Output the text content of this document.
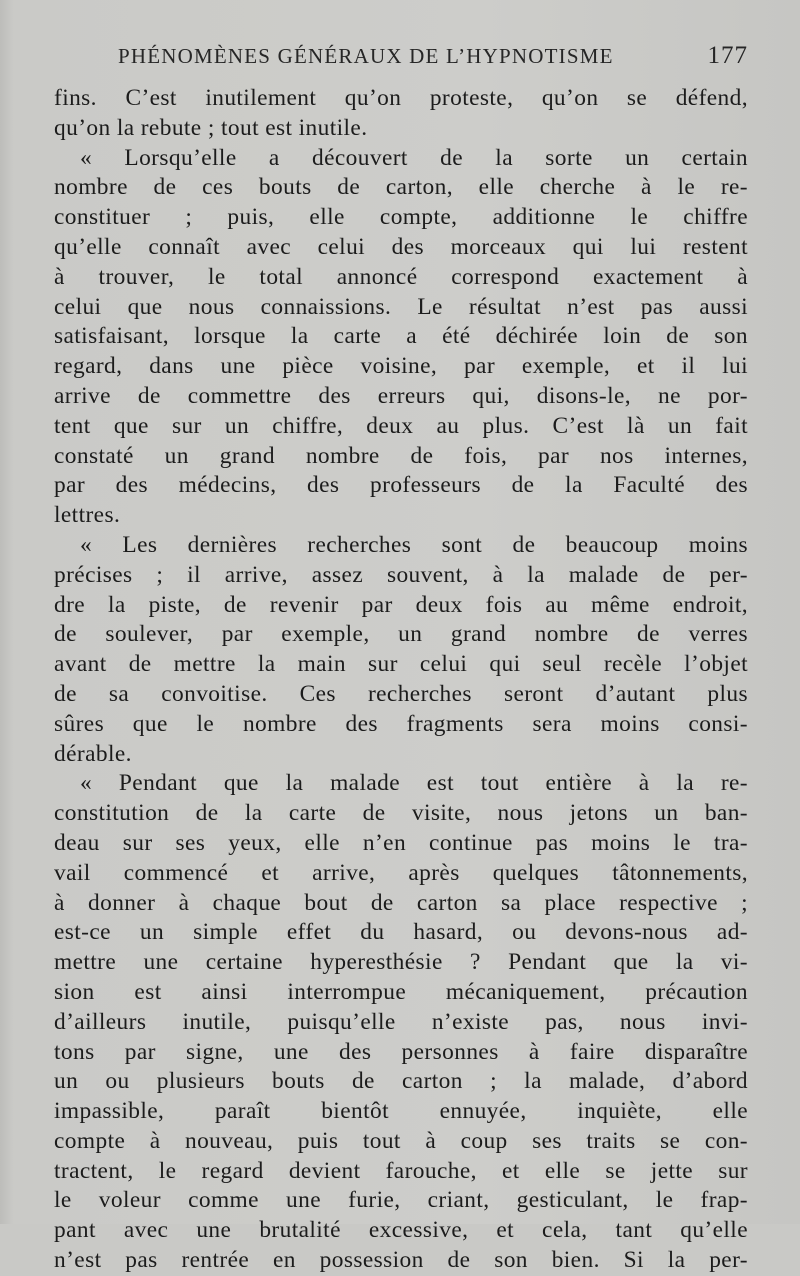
PHÉNOMÈNES GÉNÉRAUX DE L’HYPNOTISME	177
fins. C’est inutilement qu’on proteste, qu’on se défend,
qu’on la rebute ; tout est inutile.
« Lorsqu’elle a découvert de la sorte un certain
nombre de ces bouts de carton, elle cherche à le re-
constituer ; puis, elle compte, additionne le chiffre
qu’elle connaît avec celui des morceaux qui lui restent
à trouver, le total annoncé correspond exactement à
celui que nous connaissions. Le résultat n’est pas aussi
satisfaisant, lorsque la carte a été déchirée loin de son
regard, dans une pièce voisine, par exemple, et il lui
arrive de commettre des erreurs qui, disons-le, ne por-
tent que sur un chiffre, deux au plus. C’est là un fait
constaté un grand nombre de fois, par nos internes,
par des médecins, des professeurs de la Faculté des
lettres.
« Les dernières recherches sont de beaucoup moins
précises ; il arrive, assez souvent, à la malade de per-
dre la piste, de revenir par deux fois au même endroit,
de soulever, par exemple, un grand nombre de verres
avant de mettre la main sur celui qui seul recèle l’objet
de sa convoitise. Ces recherches seront d’autant plus
sûres que le nombre des fragments sera moins consi-
dérable.
« Pendant que la malade est tout entière à la re-
constitution de la carte de visite, nous jetons un ban-
deau sur ses yeux, elle n’en continue pas moins le tra-
vail commencé et arrive, après quelques tâtonnements,
à donner à chaque bout de carton sa place respective ;
est-ce un simple effet du hasard, ou devons-nous ad-
mettre une certaine hyperesthésie ? Pendant que la vi-
sion est ainsi interrompue mécaniquement, précaution
d’ailleurs inutile, puisqu’elle n’existe pas, nous invi-
tons par signe, une des personnes à faire disparaître
un ou plusieurs bouts de carton ; la malade, d’abord
impassible, paraît bientôt ennuyée, inquiète, elle
compte à nouveau, puis tout à coup ses traits se con-
tractent, le regard devient farouche, et elle se jette sur
le voleur comme une furie, criant, gesticulant, le frap-
pant avec une brutalité excessive, et cela, tant qu’elle
n’est pas rentrée en possession de son bien. Si la per-
